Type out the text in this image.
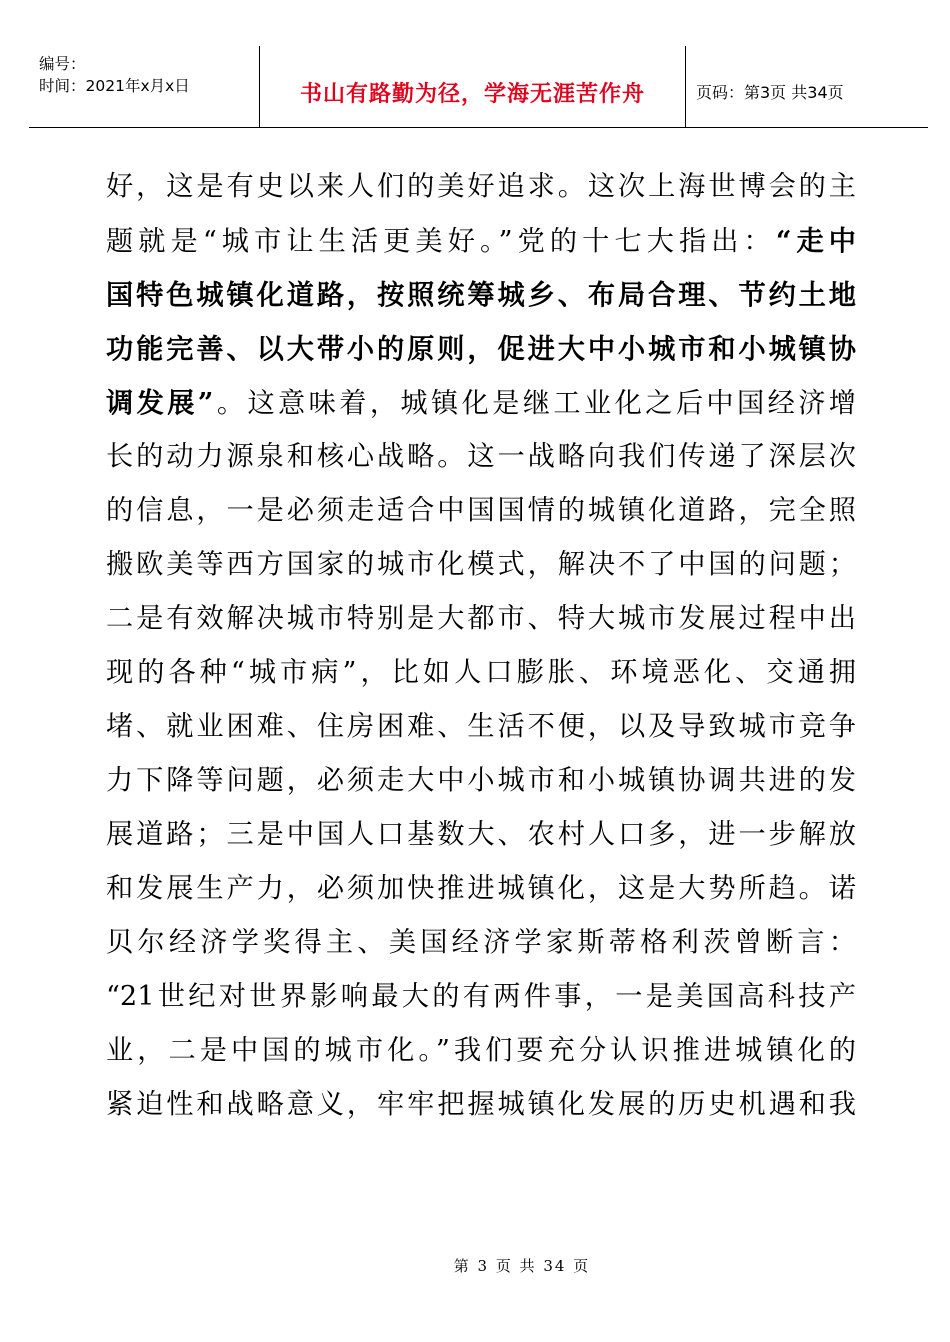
编号：
时间：2021年x月x日	书山有路勤为径，学海无涯苦作舟	页码：第3页 共34页
好，这是有史以来人们的美好追求。这次上海世博会的主
题就是“城市让生活更美好。”党的十七大指出：“走中
国特色城镇化道路，按照统筹城乡、布局合理、节约土地
功能完善、以大带小的原则，促进大中小城市和小城镇协
调发展”。这意味着，城镇化是继工业化之后中国经济增
长的动力源泉和核心战略。这一战略向我们传递了深层次
的信息，一是必须走适合中国国情的城镇化道路，完全照
搬欧美等西方国家的城市化模式，解决不了中国的问题；
二是有效解决城市特别是大都市、特大城市发展过程中出
现的各种“城市病”，比如人口膨胀、环境恶化、交通拥
堵、就业困难、住房困难、生活不便，以及导致城市竞争
力下降等问题，必须走大中小城市和小城镇协调共进的发
展道路；三是中国人口基数大、农村人口多，进一步解放
和发展生产力，必须加快推进城镇化，这是大势所趋。诺
贝尔经济学奖得主、美国经济学家斯蒂格利茨曾断言：
“21世纪对世界影响最大的有两件事，一是美国高科技产
业，二是中国的城市化。”我们要充分认识推进城镇化的
紧迫性和战略意义，牢牢把握城镇化发展的历史机遇和我
第 3 页 共 34 页
